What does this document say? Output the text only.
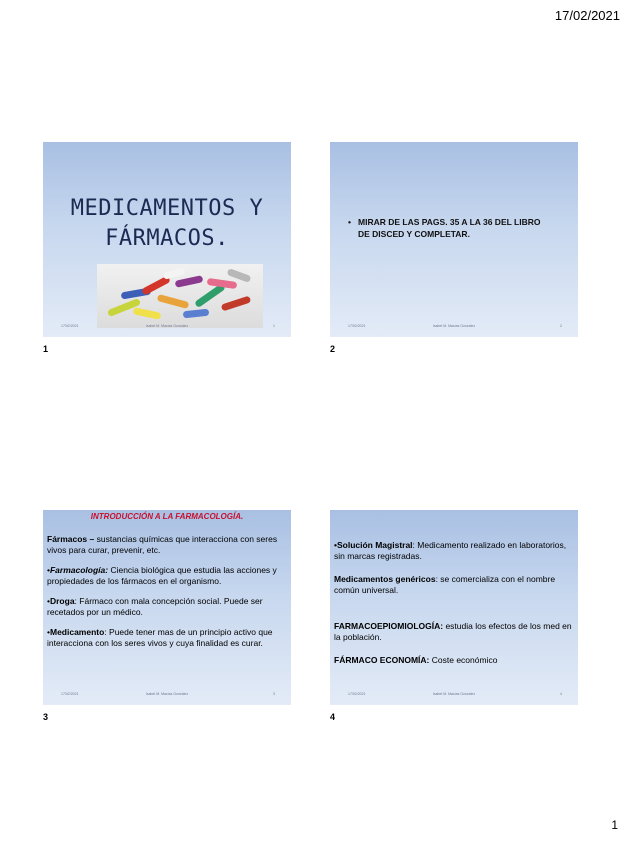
17/02/2021
MEDICAMENTOS Y
FÁRMACOS.
17/02/2021	Isabel M. Macías González	1
1
• MIRAR DE LAS PAGS. 35 A LA 36 DEL LIBRO
DE DISCED Y COMPLETAR.
17/02/2021	Isabel M. Macías González	2
2
INTRODUCCIÓN A LA FARMACOLOGÍA.

Fármacos – sustancias químicas que interacciona con seres vivos para curar, prevenir, etc.

•Farmacología: Ciencia biológica que estudia las acciones y propiedades de los fármacos en el organismo.

•Droga: Fármaco con mala concepción social. Puede ser
recetados por un médico.

•Medicamento: Puede tener mas de un principio activo que interacciona con los seres vivos y cuya finalidad es curar.

17/02/2021	Isabel M. Macías González	3
3

•Solución Magistral: Medicamento realizado en laboratorios, sin marcas registradas.

Medicamentos genéricos: se comercializa con el nombre común universal.

FARMACOEPIOMIOLOGÍA: estudia los efectos de los med en la población.

FÁRMACO ECONOMÍA: Coste económico

17/02/2021	Isabel M. Macías González	4
4
1
